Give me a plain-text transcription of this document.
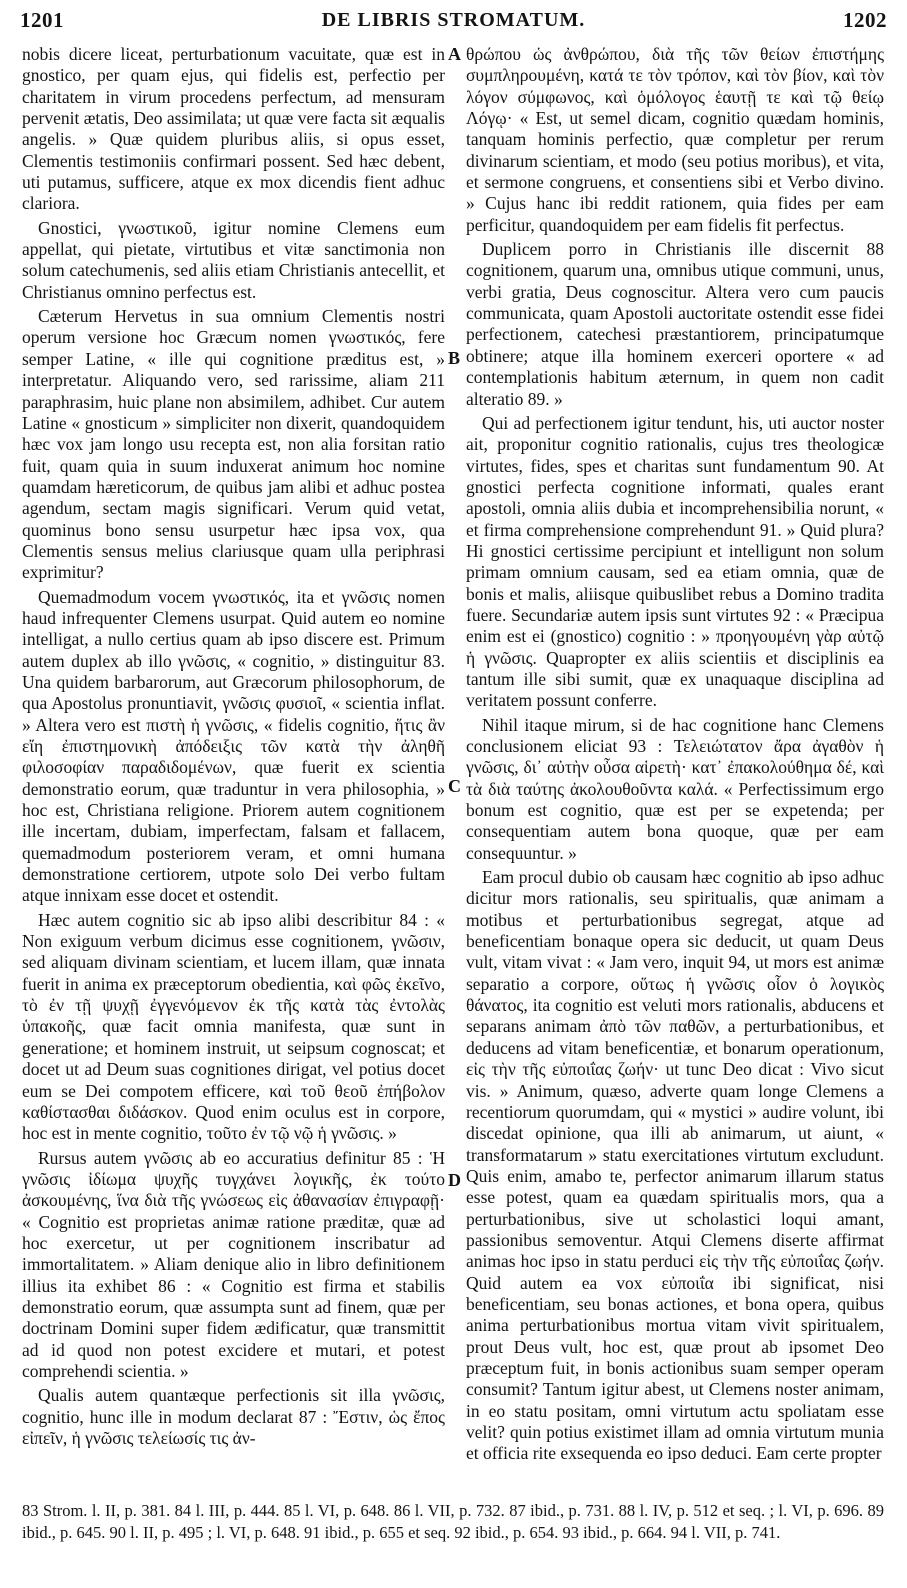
1201	DE LIBRIS STROMATUM.	1202

nobis dicere liceat, perturbationum vacuitate, quæ est in gnostico, per quam ejus, qui fidelis est, perfectio per charitatem in virum procedens perfectum, ad mensuram pervenit ætatis, Deo assimilata; ut quæ vere facta sit æqualis angelis. » Quæ quidem pluribus aliis, si opus esset, Clementis testimoniis confirmari possent. Sed hæc debent, uti putamus, sufficere, atque ex mox dicendis fient adhuc clariora.

Gnostici, γνωστικοῦ, igitur nomine Clemens eum appellat, qui pietate, virtutibus et vitæ sanctimonia non solum catechumenis, sed aliis etiam Christianis antecellit, et Christianus omnino perfectus est.

Cæterum Hervetus in sua omnium Clementis nostri operum versione hoc Græcum nomen γνωστικός, fere semper Latine, « ille qui cognitione præditus est, » interpretatur. Aliquando vero, sed rarissime, aliam 211 paraphrasim, huic plane non absimilem, adhibet. Cur autem Latine « gnosticum » simpliciter non dixerit, quandoquidem hæc vox jam longo usu recepta est, non alia forsitan ratio fuit, quam quia in suum induxerat animum hoc nomine quamdam hæreticorum, de quibus jam alibi et adhuc postea agendum, sectam magis significari. Verum quid vetat, quominus bono sensu usurpetur hæc ipsa vox, qua Clementis sensus melius clariusque quam ulla periphrasi exprimitur?

Quemadmodum vocem γνωστικός, ita et γνῶσις nomen haud infrequenter Clemens usurpat. Quid autem eo nomine intelligat, a nullo certius quam ab ipso discere est. Primum autem duplex ab illo γνῶσις, « cognitio, » distinguitur 83. Una quidem barbarorum, aut Græcorum philosophorum, de qua Apostolus pronuntiavit, γνῶσις φυσιοῖ, « scientia inflat. » Altera vero est πιστὴ ἡ γνῶσις, « fidelis cognitio, ἥτις ἂν εἴη ἐπιστημονικὴ ἀπόδειξις τῶν κατὰ τὴν ἀληθῆ φιλοσοφίαν παραδιδομένων, quæ fuerit ex scientia demonstratio eorum, quæ traduntur in vera philosophia, » hoc est, Christiana religione. Priorem autem cognitionem ille incertam, dubiam, imperfectam, falsam et fallacem, quemadmodum posteriorem veram, et omni humana demonstratione certiorem, utpote solo Dei verbo fultam atque innixam esse docet et ostendit.

Hæc autem cognitio sic ab ipso alibi describitur 84 : « Non exiguum verbum dicimus esse cognitionem, γνῶσιν, sed aliquam divinam scientiam, et lucem illam, quæ innata fuerit in anima ex præceptorum obedientia, καὶ φῶς ἐκεῖνο, τὸ ἐν τῇ ψυχῇ ἐγγενόμενον ἐκ τῆς κατὰ τὰς ἐντολὰς ὑπακοῆς, quæ facit omnia manifesta, quæ sunt in generatione; et hominem instruit, ut seipsum cognoscat; et docet ut ad Deum suas cognitiones dirigat, vel potius docet eum se Dei compotem efficere, καὶ τοῦ θεοῦ ἐπήβολον καθίστασθαι διδάσκον. Quod enim oculus est in corpore, hoc est in mente cognitio, τοῦτο ἐν τῷ νῷ ἡ γνῶσις. »

Rursus autem γνῶσις ab eo accuratius definitur 85 : Ἡ γνῶσις ἰδίωμα ψυχῆς τυγχάνει λογικῆς, ἐκ τούτο ἀσκουμένης, ἵνα διὰ τῆς γνώσεως εἰς ἀθανασίαν ἐπιγραφῇ· « Cognitio est proprietas animæ ratione præditæ, quæ ad hoc exercetur, ut per cognitionem inscribatur ad immortalitatem. » Aliam denique alio in libro definitionem illius ita exhibet 86 : « Cognitio est firma et stabilis demonstratio eorum, quæ assumpta sunt ad finem, quæ per doctrinam Domini super fidem ædificatur, quæ transmittit ad id quod non potest excidere et mutari, et potest comprehendi scientia. »

Qualis autem quantæque perfectionis sit illa γνῶσις, cognitio, hunc ille in modum declarat 87 : Ἔστιν, ὡς ἔπος εἰπεῖν, ἡ γνῶσις τελείωσίς τις ἀν-

A
B
C
D

θρώπου ὡς ἀνθρώπου, διὰ τῆς τῶν θείων ἐπιστήμης συμπληρουμένη, κατά τε τὸν τρόπον, καὶ τὸν βίον, καὶ τὸν λόγον σύμφωνος, καὶ ὁμόλογος ἑαυτῇ τε καὶ τῷ θείῳ Λόγῳ· « Est, ut semel dicam, cognitio quædam hominis, tanquam hominis perfectio, quæ completur per rerum divinarum scientiam, et modo (seu potius moribus), et vita, et sermone congruens, et consentiens sibi et Verbo divino. » Cujus hanc ibi reddit rationem, quia fides per eam perficitur, quandoquidem per eam fidelis fit perfectus.

Duplicem porro in Christianis ille discernit 88 cognitionem, quarum una, omnibus utique communi, unus, verbi gratia, Deus cognoscitur. Altera vero cum paucis communicata, quam Apostoli auctoritate ostendit esse fidei perfectionem, catechesi præstantiorem, principatumque obtinere; atque illa hominem exerceri oportere « ad contemplationis habitum æternum, in quem non cadit alteratio 89. »

Qui ad perfectionem igitur tendunt, his, uti auctor noster ait, proponitur cognitio rationalis, cujus tres theologicæ virtutes, fides, spes et charitas sunt fundamentum 90. At gnostici perfecta cognitione informati, quales erant apostoli, omnia aliis dubia et incomprehensibilia norunt, « et firma comprehensione comprehendunt 91. » Quid plura? Hi gnostici certissime percipiunt et intelligunt non solum primam omnium causam, sed ea etiam omnia, quæ de bonis et malis, aliisque quibuslibet rebus a Domino tradita fuere. Secundariæ autem ipsis sunt virtutes 92 : « Præcipua enim est ei (gnostico) cognitio : » προηγουμένη γὰρ αὐτῷ ἡ γνῶσις. Quapropter ex aliis scientiis et disciplinis ea tantum ille sibi sumit, quæ ex unaquaque disciplina ad veritatem possunt conferre.

Nihil itaque mirum, si de hac cognitione hanc Clemens conclusionem eliciat 93 : Τελειώτατον ἄρα ἀγαθὸν ἡ γνῶσις, δι᾽ αὐτὴν οὖσα αἱρετὴ· κατ᾽ ἐπακολούθημα δέ, καὶ τὰ διὰ ταύτης ἀκολουθοῦντα καλά. « Perfectissimum ergo bonum est cognitio, quæ est per se expetenda; per consequentiam autem bona quoque, quæ per eam consequuntur. »

Eam procul dubio ob causam hæc cognitio ab ipso adhuc dicitur mors rationalis, seu spiritualis, quæ animam a motibus et perturbationibus segregat, atque ad beneficentiam bonaque opera sic deducit, ut quam Deus vult, vitam vivat : « Jam vero, inquit 94, ut mors est animæ separatio a corpore, οὕτως ἡ γνῶσις οἷον ὁ λογικὸς θάνατος, ita cognitio est veluti mors rationalis, abducens et separans animam ἀπὸ τῶν παθῶν, a perturbationibus, et deducens ad vitam beneficentiæ, et bonarum operationum, εἰς τὴν τῆς εὐποιΐας ζωήν· ut tunc Deo dicat : Vivo sicut vis. » Animum, quæso, adverte quam longe Clemens a recentiorum quorumdam, qui « mystici » audire volunt, ibi discedat opinione, qua illi ab animarum, ut aiunt, « transformatarum » statu exercitationes virtutum excludunt. Quis enim, amabo te, perfector animarum illarum status esse potest, quam ea quædam spiritualis mors, qua a perturbationibus, sive ut scholastici loqui amant, passionibus semoventur. Atqui Clemens diserte affirmat animas hoc ipso in statu perduci εἰς τὴν τῆς εὐποιΐας ζωήν. Quid autem ea vox εὐποιΐα ibi significat, nisi beneficentiam, seu bonas actiones, et bona opera, quibus anima perturbationibus mortua vitam vivit spiritualem, prout Deus vult, hoc est, quæ prout ab ipsomet Deo præceptum fuit, in bonis actionibus suam semper operam consumit? Tantum igitur abest, ut Clemens noster animam, in eo statu positam, omni virtutum actu spoliatam esse velit? quin potius existimet illam ad omnia virtutum munia et officia rite exsequenda eo ipso deduci. Eam certe propter

83 Strom. l. II, p. 381. 84 l. III, p. 444. 85 l. VI, p. 648. 86 l. VII, p. 732. 87 ibid., p. 731. 88 l. IV, p. 512 et seq. ; l. VI, p. 696. 89 ibid., p. 645. 90 l. II, p. 495 ; l. VI, p. 648. 91 ibid., p. 655 et seq. 92 ibid., p. 654. 93 ibid., p. 664. 94 l. VII, p. 741.
